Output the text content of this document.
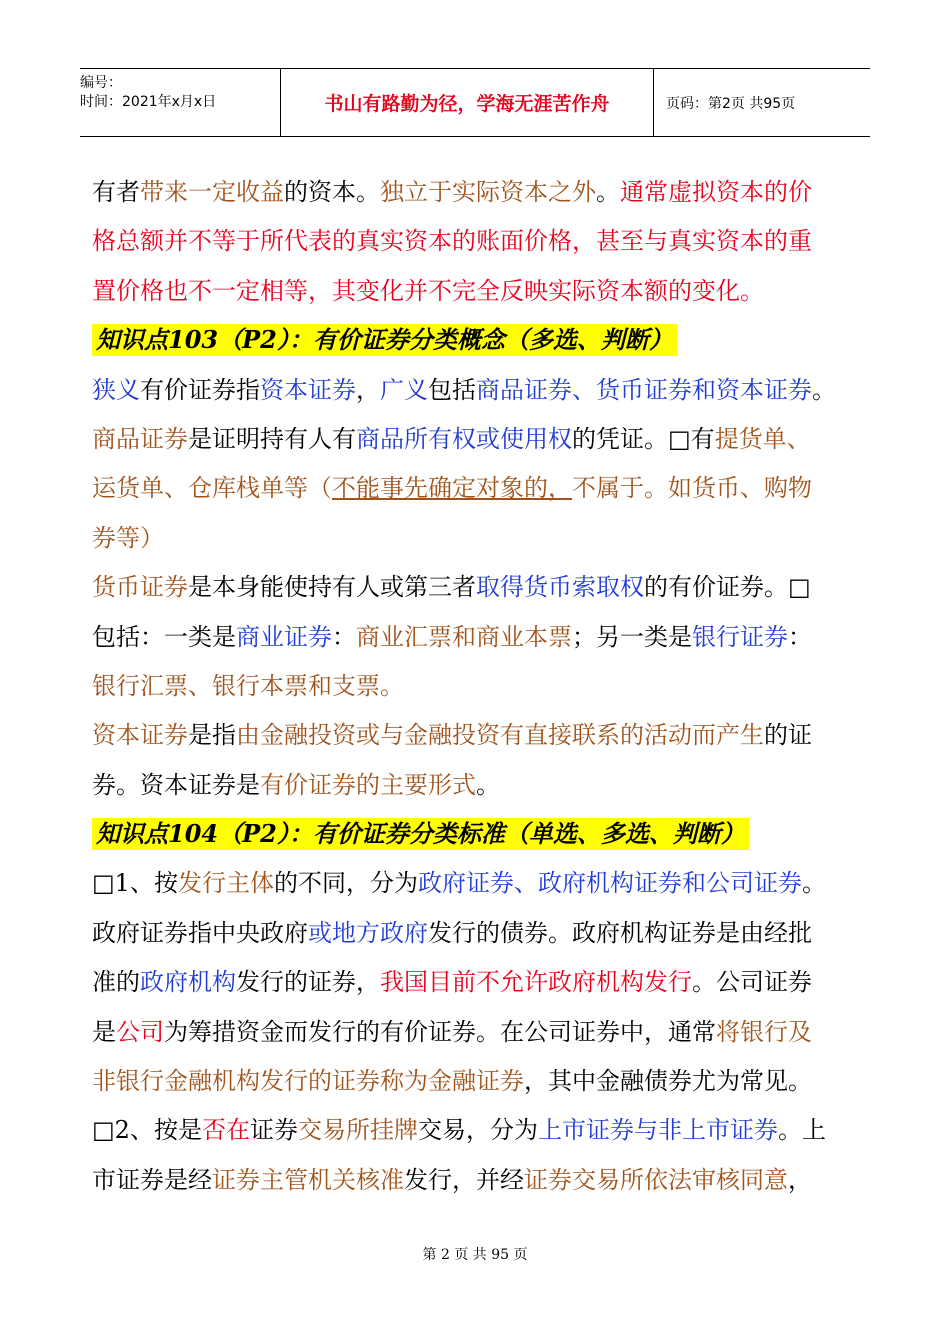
编号：
时间：2021年x月x日	书山有路勤为径，学海无涯苦作舟	页码：第2页 共95页
有者带来一定收益的资本。独立于实际资本之外。通常虚拟资本的价
格总额并不等于所代表的真实资本的账面价格，甚至与真实资本的重
置价格也不一定相等，其变化并不完全反映实际资本额的变化。
知识点103（P2）：有价证券分类概念（多选、判断）
狭义有价证券指资本证券，广义包括商品证券、货币证券和资本证券。
商品证券是证明持有人有商品所有权或使用权的凭证。□有提货单、
运货单、仓库栈单等（不能事先确定对象的，不属于。如货币、购物
券等）
货币证券是本身能使持有人或第三者取得货币索取权的有价证券。□
包括：一类是商业证券：商业汇票和商业本票；另一类是银行证券：
银行汇票、银行本票和支票。
资本证券是指由金融投资或与金融投资有直接联系的活动而产生的证
券。资本证券是有价证券的主要形式。
知识点104（P2）：有价证券分类标准（单选、多选、判断）
□1、按发行主体的不同，分为政府证券、政府机构证券和公司证券。
政府证券指中央政府或地方政府发行的债券。政府机构证券是由经批
准的政府机构发行的证券，我国目前不允许政府机构发行。公司证券
是公司为筹措资金而发行的有价证券。在公司证券中，通常将银行及
非银行金融机构发行的证券称为金融证券，其中金融债券尤为常见。
□2、按是否在证券交易所挂牌交易，分为上市证券与非上市证券。上
市证券是经证券主管机关核准发行，并经证券交易所依法审核同意，
第 2 页 共 95 页
